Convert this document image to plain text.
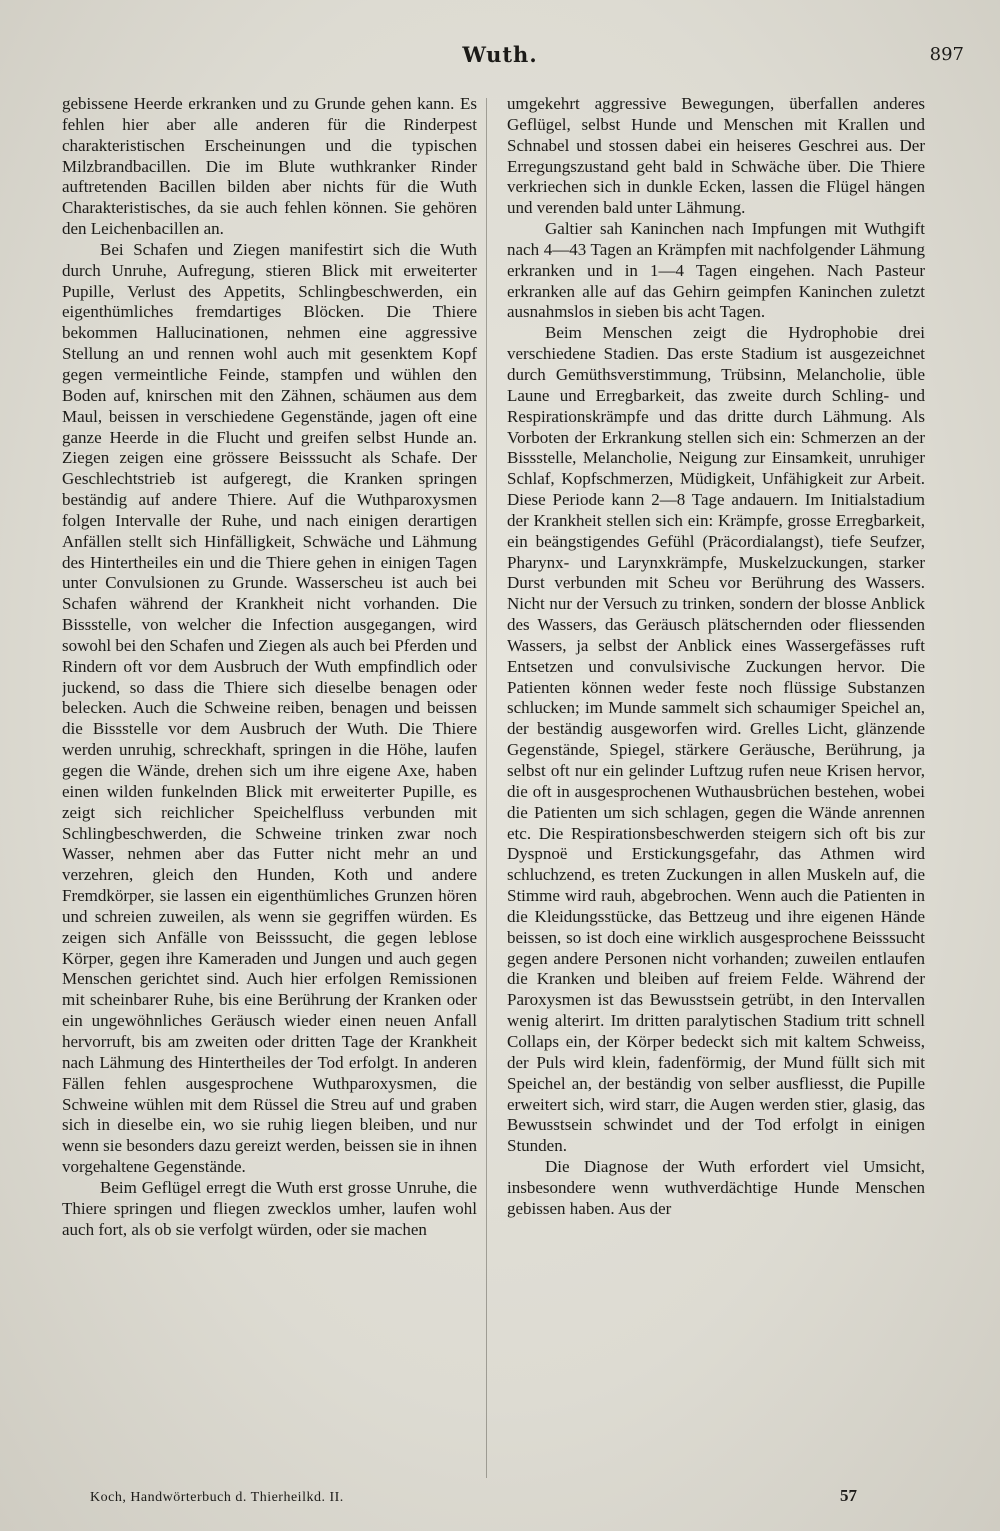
Wuth.	897

gebissene Heerde erkranken und zu Grunde gehen kann. Es fehlen hier aber alle anderen für die Rinderpest charakteristischen Erscheinungen und die typischen Milzbrandbacillen. Die im Blute wuthkranker Rinder auftretenden Bacillen bilden aber nichts für die Wuth Charakteristisches, da sie auch fehlen können. Sie gehören den Leichenbacillen an.

Bei Schafen und Ziegen manifestirt sich die Wuth durch Unruhe, Aufregung, stieren Blick mit erweiterter Pupille, Verlust des Appetits, Schlingbeschwerden, ein eigenthümliches fremdartiges Blöcken. Die Thiere bekommen Hallucinationen, nehmen eine aggressive Stellung an und rennen wohl auch mit gesenktem Kopf gegen vermeintliche Feinde, stampfen und wühlen den Boden auf, knirschen mit den Zähnen, schäumen aus dem Maul, beissen in verschiedene Gegenstände, jagen oft eine ganze Heerde in die Flucht und greifen selbst Hunde an. Ziegen zeigen eine grössere Beisssucht als Schafe. Der Geschlechtstrieb ist aufgeregt, die Kranken springen beständig auf andere Thiere. Auf die Wuthparoxysmen folgen Intervalle der Ruhe, und nach einigen derartigen Anfällen stellt sich Hinfälligkeit, Schwäche und Lähmung des Hintertheiles ein und die Thiere gehen in einigen Tagen unter Convulsionen zu Grunde. Wasserscheu ist auch bei Schafen während der Krankheit nicht vorhanden. Die Bissstelle, von welcher die Infection ausgegangen, wird sowohl bei den Schafen und Ziegen als auch bei Pferden und Rindern oft vor dem Ausbruch der Wuth empfindlich oder juckend, so dass die Thiere sich dieselbe benagen oder belecken. Auch die Schweine reiben, benagen und beissen die Bissstelle vor dem Ausbruch der Wuth. Die Thiere werden unruhig, schreckhaft, springen in die Höhe, laufen gegen die Wände, drehen sich um ihre eigene Axe, haben einen wilden funkelnden Blick mit erweiterter Pupille, es zeigt sich reichlicher Speichelfluss verbunden mit Schlingbeschwerden, die Schweine trinken zwar noch Wasser, nehmen aber das Futter nicht mehr an und verzehren, gleich den Hunden, Koth und andere Fremdkörper, sie lassen ein eigenthümliches Grunzen hören und schreien zuweilen, als wenn sie gegriffen würden. Es zeigen sich Anfälle von Beisssucht, die gegen leblose Körper, gegen ihre Kameraden und Jungen und auch gegen Menschen gerichtet sind. Auch hier erfolgen Remissionen mit scheinbarer Ruhe, bis eine Berührung der Kranken oder ein ungewöhnliches Geräusch wieder einen neuen Anfall hervorruft, bis am zweiten oder dritten Tage der Krankheit nach Lähmung des Hintertheiles der Tod erfolgt. In anderen Fällen fehlen ausgesprochene Wuthparoxysmen, die Schweine wühlen mit dem Rüssel die Streu auf und graben sich in dieselbe ein, wo sie ruhig liegen bleiben, und nur wenn sie besonders dazu gereizt werden, beissen sie in ihnen vorgehaltene Gegenstände.

Beim Geflügel erregt die Wuth erst grosse Unruhe, die Thiere springen und fliegen zwecklos umher, laufen wohl auch fort, als ob sie verfolgt würden, oder sie machen

umgekehrt aggressive Bewegungen, überfallen anderes Geflügel, selbst Hunde und Menschen mit Krallen und Schnabel und stossen dabei ein heiseres Geschrei aus. Der Erregungszustand geht bald in Schwäche über. Die Thiere verkriechen sich in dunkle Ecken, lassen die Flügel hängen und verenden bald unter Lähmung.

Galtier sah Kaninchen nach Impfungen mit Wuthgift nach 4—43 Tagen an Krämpfen mit nachfolgender Lähmung erkranken und in 1—4 Tagen eingehen. Nach Pasteur erkranken alle auf das Gehirn geimpfen Kaninchen zuletzt ausnahmslos in sieben bis acht Tagen.

Beim Menschen zeigt die Hydrophobie drei verschiedene Stadien. Das erste Stadium ist ausgezeichnet durch Gemüthsverstimmung, Trübsinn, Melancholie, üble Laune und Erregbarkeit, das zweite durch Schling- und Respirationskrämpfe und das dritte durch Lähmung. Als Vorboten der Erkrankung stellen sich ein: Schmerzen an der Bissstelle, Melancholie, Neigung zur Einsamkeit, unruhiger Schlaf, Kopfschmerzen, Müdigkeit, Unfähigkeit zur Arbeit. Diese Periode kann 2—8 Tage andauern. Im Initialstadium der Krankheit stellen sich ein: Krämpfe, grosse Erregbarkeit, ein beängstigendes Gefühl (Präcordialangst), tiefe Seufzer, Pharynx- und Larynxkrämpfe, Muskelzuckungen, starker Durst verbunden mit Scheu vor Berührung des Wassers. Nicht nur der Versuch zu trinken, sondern der blosse Anblick des Wassers, das Geräusch plätschernden oder fliessenden Wassers, ja selbst der Anblick eines Wassergefässes ruft Entsetzen und convulsivische Zuckungen hervor. Die Patienten können weder feste noch flüssige Substanzen schlucken; im Munde sammelt sich schaumiger Speichel an, der beständig ausgeworfen wird. Grelles Licht, glänzende Gegenstände, Spiegel, stärkere Geräusche, Berührung, ja selbst oft nur ein gelinder Luftzug rufen neue Krisen hervor, die oft in ausgesprochenen Wuthausbrüchen bestehen, wobei die Patienten um sich schlagen, gegen die Wände anrennen etc. Die Respirationsbeschwerden steigern sich oft bis zur Dyspnoë und Erstickungsgefahr, das Athmen wird schluchzend, es treten Zuckungen in allen Muskeln auf, die Stimme wird rauh, abgebrochen. Wenn auch die Patienten in die Kleidungsstücke, das Bettzeug und ihre eigenen Hände beissen, so ist doch eine wirklich ausgesprochene Beisssucht gegen andere Personen nicht vorhanden; zuweilen entlaufen die Kranken und bleiben auf freiem Felde. Während der Paroxysmen ist das Bewusstsein getrübt, in den Intervallen wenig alterirt. Im dritten paralytischen Stadium tritt schnell Collaps ein, der Körper bedeckt sich mit kaltem Schweiss, der Puls wird klein, fadenförmig, der Mund füllt sich mit Speichel an, der beständig von selber ausfliesst, die Pupille erweitert sich, wird starr, die Augen werden stier, glasig, das Bewusstsein schwindet und der Tod erfolgt in einigen Stunden.

Die Diagnose der Wuth erfordert viel Umsicht, insbesondere wenn wuthverdächtige Hunde Menschen gebissen haben. Aus der

Koch, Handwörterbuch d. Thierheilkd. II.	57
